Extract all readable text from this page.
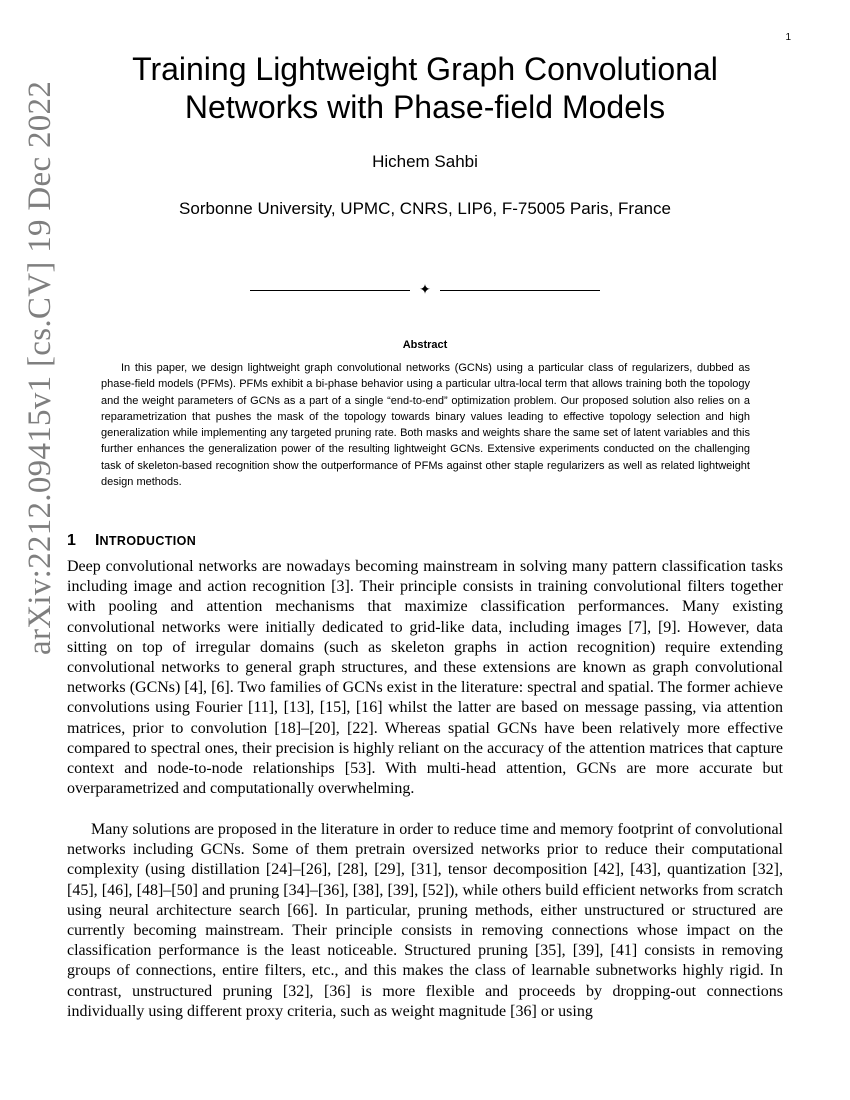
1
arXiv:2212.09415v1 [cs.CV] 19 Dec 2022
Training Lightweight Graph Convolutional Networks with Phase-field Models
Hichem Sahbi
Sorbonne University, UPMC, CNRS, LIP6, F-75005 Paris, France
✦
Abstract

In this paper, we design lightweight graph convolutional networks (GCNs) using a particular class of regularizers, dubbed as phase-field models (PFMs). PFMs exhibit a bi-phase behavior using a particular ultra-local term that allows training both the topology and the weight parameters of GCNs as a part of a single “end-to-end” optimization problem. Our proposed solution also relies on a reparametrization that pushes the mask of the topology towards binary values leading to effective topology selection and high generalization while implementing any targeted pruning rate. Both masks and weights share the same set of latent variables and this further enhances the generalization power of the resulting lightweight GCNs. Extensive experiments conducted on the challenging task of skeleton-based recognition show the outperformance of PFMs against other staple regularizers as well as related lightweight design methods.

1 INTRODUCTION

Deep convolutional networks are nowadays becoming mainstream in solving many pattern classification tasks including image and action recognition [3]. Their principle consists in training convolutional filters together with pooling and attention mechanisms that maximize classification performances. Many existing convolutional networks were initially dedicated to grid-like data, including images [7], [9]. However, data sitting on top of irregular domains (such as skeleton graphs in action recognition) require extending convolutional networks to general graph structures, and these extensions are known as graph convolutional networks (GCNs) [4], [6]. Two families of GCNs exist in the literature: spectral and spatial. The former achieve convolutions using Fourier [11], [13], [15], [16] whilst the latter are based on message passing, via attention matrices, prior to convolution [18]–[20], [22]. Whereas spatial GCNs have been relatively more effective compared to spectral ones, their precision is highly reliant on the accuracy of the attention matrices that capture context and node-to-node relationships [53]. With multi-head attention, GCNs are more accurate but overparametrized and computationally overwhelming.

Many solutions are proposed in the literature in order to reduce time and memory footprint of convolutional networks including GCNs. Some of them pretrain oversized networks prior to reduce their computational complexity (using distillation [24]–[26], [28], [29], [31], tensor decomposition [42], [43], quantization [32], [45], [46], [48]–[50] and pruning [34]–[36], [38], [39], [52]), while others build efficient networks from scratch using neural architecture search [66]. In particular, pruning methods, either unstructured or structured are currently becoming mainstream. Their principle consists in removing connections whose impact on the classification performance is the least noticeable. Structured pruning [35], [39], [41] consists in removing groups of connections, entire filters, etc., and this makes the class of learnable subnetworks highly rigid. In contrast, unstructured pruning [32], [36] is more flexible and proceeds by dropping-out connections individually using different proxy criteria, such as weight magnitude [36] or using
